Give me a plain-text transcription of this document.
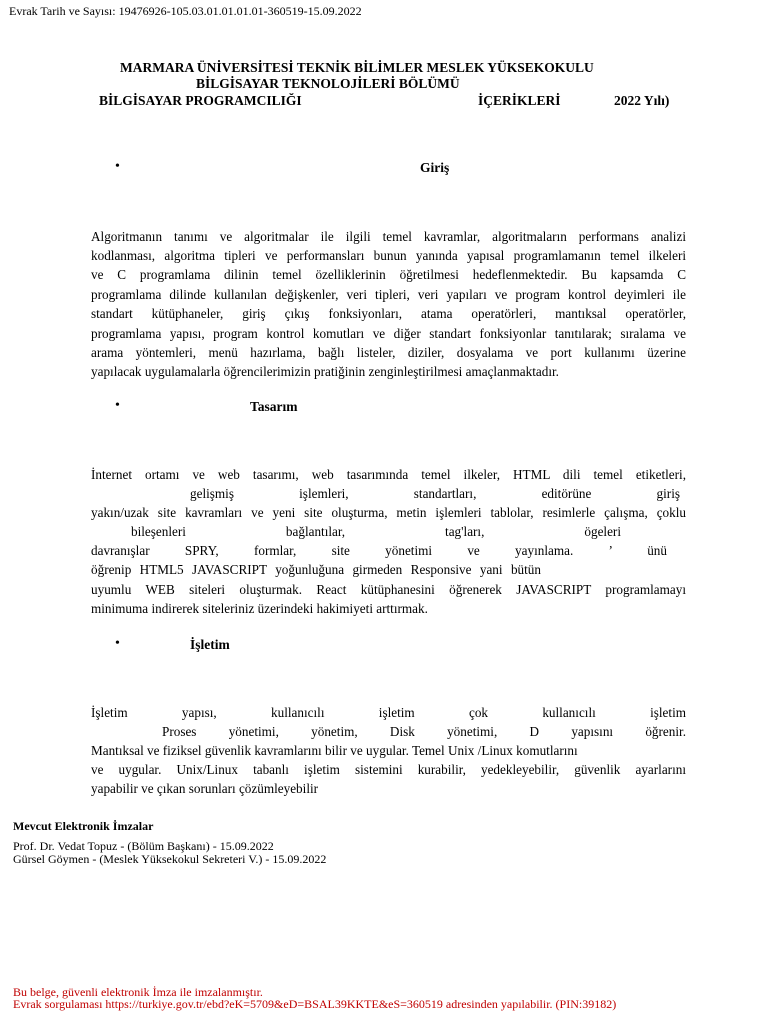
Evrak Tarih ve Sayısı: 19476926-105.03.01.01.01.01-360519-15.09.2022
MARMARA ÜNİVERSİTESİ TEKNİK BİLİMLER MESLEK YÜKSEKOKULU
BİLGİSAYAR TEKNOLOJİLERİ BÖLÜMÜ
BİLGİSAYAR PROGRAMCILIĞI	İÇERİKLERİ	2022 Yılı)
•	Giriş
Algoritmanın tanımı ve algoritmalar ile ilgili temel kavramlar, algoritmaların performans analizi
kodlanması, algoritma tipleri ve performansları bunun yanında yapısal programlamanın temel ilkeleri
ve C programlama dilinin temel özelliklerinin öğretilmesi hedeflenmektedir. Bu kapsamda C
programlama dilinde kullanılan değişkenler, veri tipleri, veri yapıları ve program kontrol deyimleri ile
standart kütüphaneler, giriş çıkış fonksiyonları, atama operatörleri, mantıksal operatörler,
programlama yapısı, program kontrol komutları ve diğer standart fonksiyonlar tanıtılarak; sıralama ve
arama yöntemleri, menü hazırlama, bağlı listeler, diziler, dosyalama ve port kullanımı üzerine
yapılacak uygulamalarla öğrencilerimizin pratiğinin zenginleştirilmesi amaçlanmaktadır.
•	Tasarım
İnternet ortamı ve web tasarımı, web tasarımında temel ilkeler, HTML dili temel etiketleri,
gelişmiş işlemleri, standartları, editörüne giriş
yakın/uzak site kavramları ve yeni site oluşturma, metin işlemleri tablolar, resimlerle çalışma, çoklu
bileşenleri bağlantılar, tag'ları, ögeleri
davranışlar SPRY, formlar, site yönetimi ve yayınlama. ’ ünü
öğrenip HTML5 JAVASCRIPT yoğunluğuna girmeden Responsive yani bütün
uyumlu WEB siteleri oluşturmak. React kütüphanesini öğrenerek JAVASCRIPT programlamayı
minimuma indirerek siteleriniz üzerindeki hakimiyeti arttırmak.
•	İşletim
İşletim yapısı, kullanıcılı işletim çok kullanıcılı işletim
Proses yönetimi, yönetim, Disk yönetimi, D yapısını öğrenir.
Mantıksal ve fiziksel güvenlik kavramlarını bilir ve uygular. Temel Unix /Linux komutlarını
ve uygular. Unix/Linux tabanlı işletim sistemini kurabilir, yedekleyebilir, güvenlik ayarlarını
yapabilir ve çıkan sorunları çözümleyebilir
Mevcut Elektronik İmzalar
Prof. Dr. Vedat Topuz - (Bölüm Başkanı) - 15.09.2022
Gürsel Göymen - (Meslek Yüksekokul Sekreteri V.) - 15.09.2022
Bu belge, güvenli elektronik İmza ile imzalanmıştır.
Evrak sorgulaması https://turkiye.gov.tr/ebd?eK=5709&eD=BSAL39KKTE&eS=360519 adresinden yapılabilir. (PIN:39182)
